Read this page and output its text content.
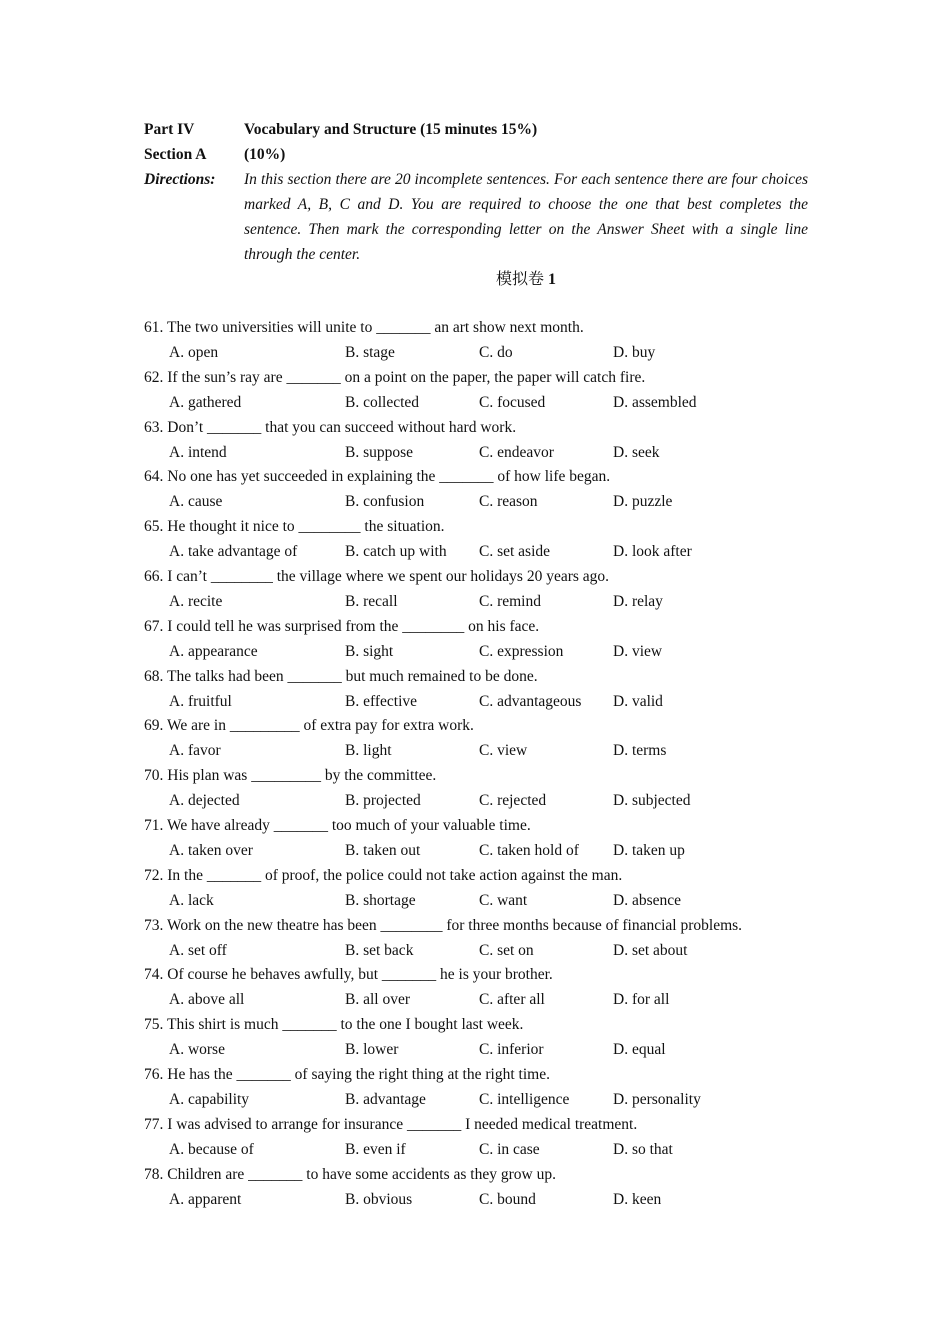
Part IV	Vocabulary and Structure (15 minutes 15%)
Section A	(10%)
Directions:	In this section there are 20 incomplete sentences. For each sentence there are four choices marked A, B, C and D. You are required to choose the one that best completes the sentence. Then mark the corresponding letter on the Answer Sheet with a single line through the center.
模拟卷 1
61. The two universities will unite to _______ an art show next month.
A. open	B. stage	C. do	D. buy
62. If the sun’s ray are _______ on a point on the paper, the paper will catch fire.
A. gathered	B. collected	C. focused	D. assembled
63. Don’t _______ that you can succeed without hard work.
A. intend	B. suppose	C. endeavor	D. seek
64. No one has yet succeeded in explaining the _______ of how life began.
A. cause	B. confusion	C. reason	D. puzzle
65. He thought it nice to ________ the situation.
A. take advantage of	B. catch up with	C. set aside	D. look after
66. I can’t ________ the village where we spent our holidays 20 years ago.
A. recite	B. recall	C. remind	D. relay
67. I could tell he was surprised from the ________ on his face.
A. appearance	B. sight	C. expression	D. view
68. The talks had been _______ but much remained to be done.
A. fruitful	B. effective	C. advantageous	D. valid
69. We are in _________ of extra pay for extra work.
A. favor	B. light	C. view	D. terms
70. His plan was _________ by the committee.
A. dejected	B. projected	C. rejected	D. subjected
71. We have already _______ too much of your valuable time.
A. taken over	B. taken out	C. taken hold of	D. taken up
72. In the _______ of proof, the police could not take action against the man.
A. lack	B. shortage	C. want	D. absence
73. Work on the new theatre has been ________ for three months because of financial problems.
A. set off	B. set back	C. set on	D. set about
74. Of course he behaves awfully, but _______ he is your brother.
A. above all	B. all over	C. after all	D. for all
75. This shirt is much _______ to the one I bought last week.
A. worse	B. lower	C. inferior	D. equal
76. He has the _______ of saying the right thing at the right time.
A. capability	B. advantage	C. intelligence	D. personality
77. I was advised to arrange for insurance _______ I needed medical treatment.
A. because of	B. even if	C. in case	D. so that
78. Children are _______ to have some accidents as they grow up.
A. apparent	B. obvious	C. bound	D. keen
